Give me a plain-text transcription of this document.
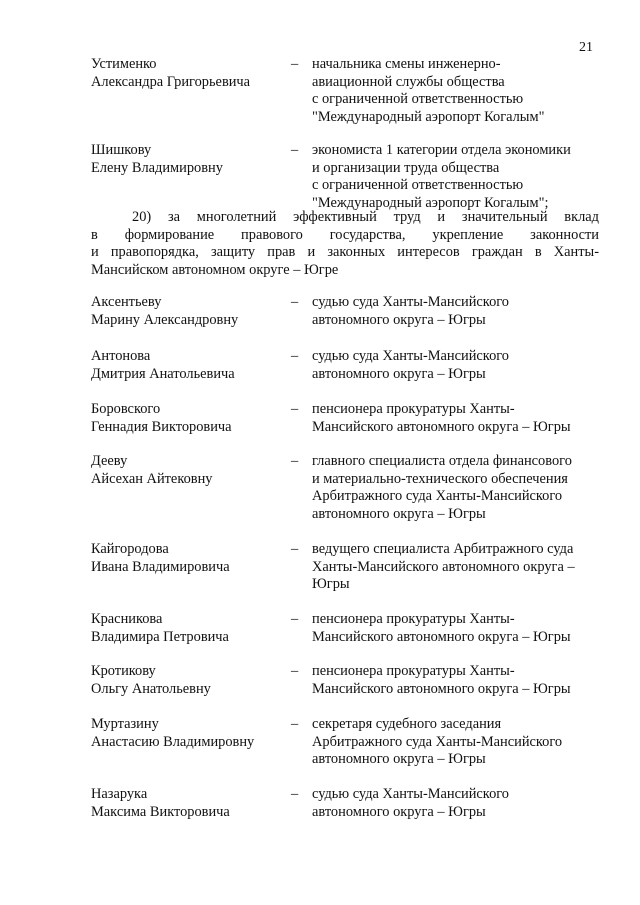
21
Устименко
Александра Григорьевича
– начальника смены инженерно-
авиационной службы общества
с ограниченной ответственностью
"Международный аэропорт Когалым"
Шишкову
Елену Владимировну
– экономиста 1 категории отдела экономики
и организации труда общества
с ограниченной ответственностью
"Международный аэропорт Когалым";
20) за многолетний эффективный труд и значительный вклад
в формирование правового государства, укрепление законности
и правопорядка, защиту прав и законных интересов граждан в Ханты-
Мансийском автономном округе – Югре
Аксентьеву
Марину Александровну
– судью суда Ханты-Мансийского
автономного округа – Югры
Антонова
Дмитрия Анатольевича
– судью суда Ханты-Мансийского
автономного округа – Югры
Боровского
Геннадия Викторовича
– пенсионера прокуратуры Ханты-
Мансийского автономного округа – Югры
Дееву
Айсехан Айтековну
– главного специалиста отдела финансового
и материально-технического обеспечения
Арбитражного суда Ханты-Мансийского
автономного округа – Югры
Кайгородова
Ивана Владимировича
– ведущего специалиста Арбитражного суда
Ханты-Мансийского автономного округа –
Югры
Красникова
Владимира Петровича
– пенсионера прокуратуры Ханты-
Мансийского автономного округа – Югры
Кротикову
Ольгу Анатольевну
– пенсионера прокуратуры Ханты-
Мансийского автономного округа – Югры
Муртазину
Анастасию Владимировну
– секретаря судебного заседания
Арбитражного суда Ханты-Мансийского
автономного округа – Югры
Назарука
Максима Викторовича
– судью суда Ханты-Мансийского
автономного округа – Югры
